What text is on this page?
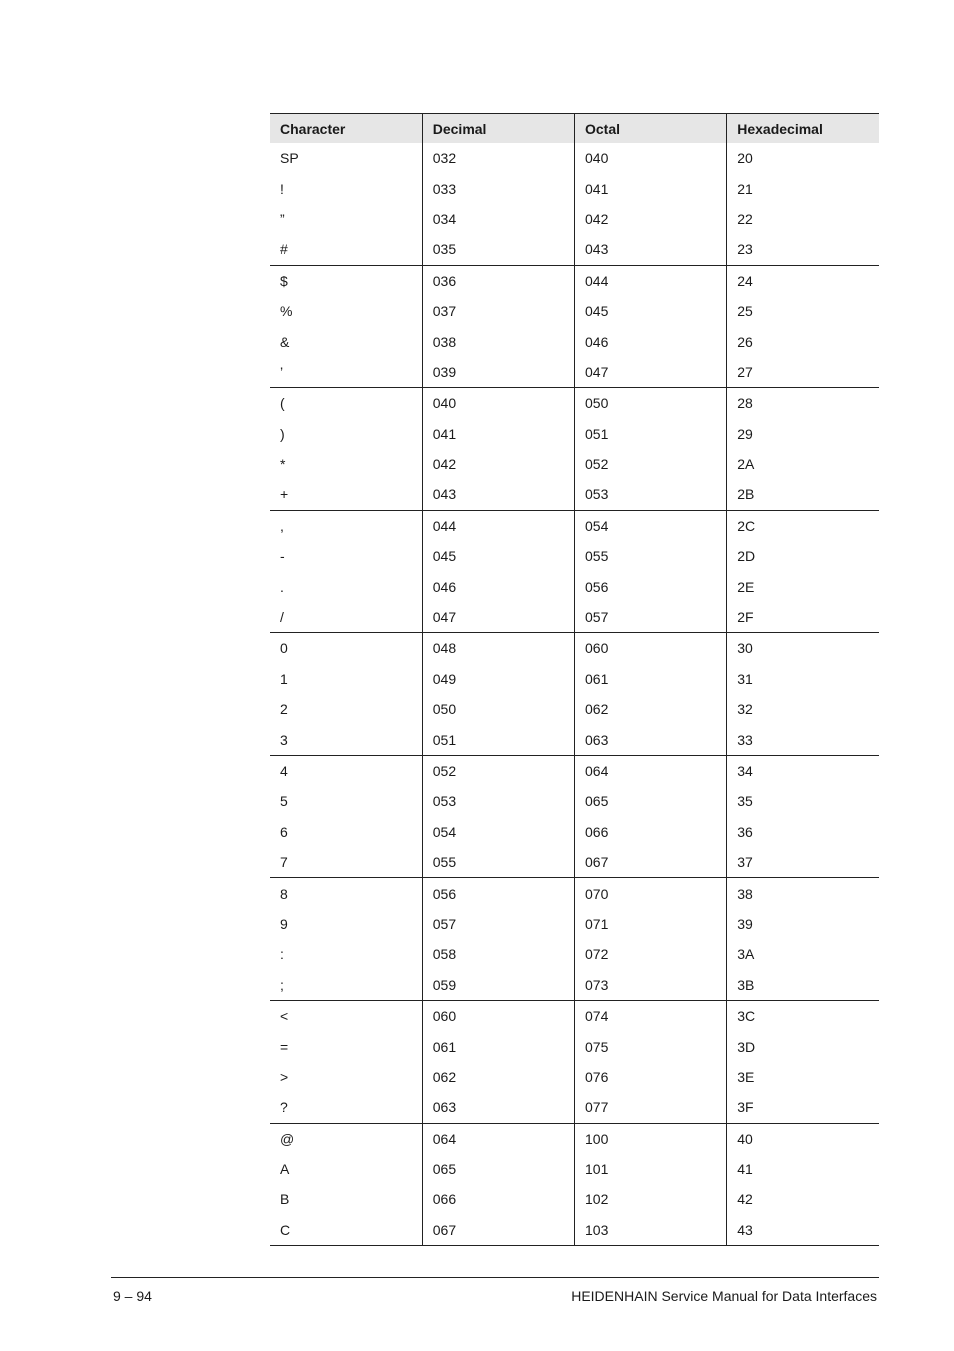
Character	Decimal	Octal	Hexadecimal
SP	032	040	20
!	033	041	21
”	034	042	22
#	035	043	23
$	036	044	24
%	037	045	25
&	038	046	26
’	039	047	27
(	040	050	28
)	041	051	29
*	042	052	2A
+	043	053	2B
,	044	054	2C
-	045	055	2D
.	046	056	2E
/	047	057	2F
0	048	060	30
1	049	061	31
2	050	062	32
3	051	063	33
4	052	064	34
5	053	065	35
6	054	066	36
7	055	067	37
8	056	070	38
9	057	071	39
:	058	072	3A
;	059	073	3B
<	060	074	3C
=	061	075	3D
>	062	076	3E
?	063	077	3F
@	064	100	40
A	065	101	41
B	066	102	42
C	067	103	43
9 – 94	HEIDENHAIN Service Manual for Data Interfaces
